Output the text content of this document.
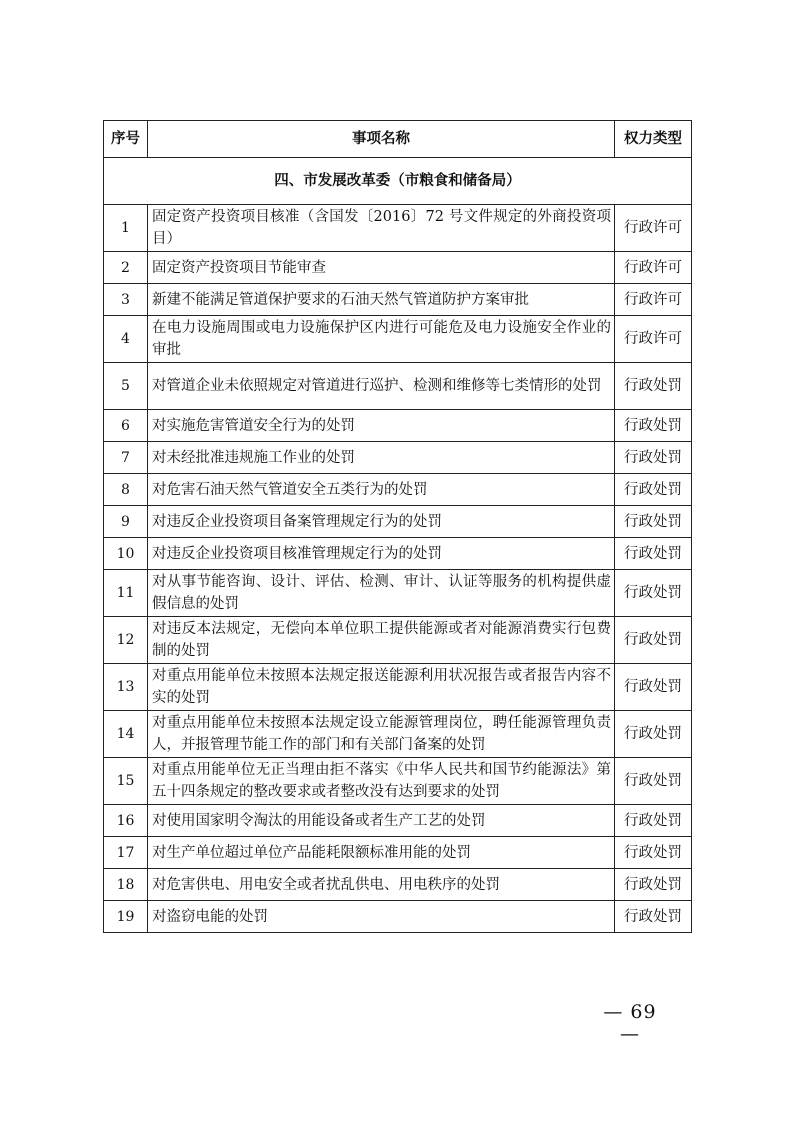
序号	事项名称	权力类型
四、市发展改革委（市粮食和储备局）		
1	固定资产投资项目核准（含国发〔2016〕72 号文件规定的外商投资项目）	行政许可
2	固定资产投资项目节能审查	行政许可
3	新建不能满足管道保护要求的石油天然气管道防护方案审批	行政许可
4	在电力设施周围或电力设施保护区内进行可能危及电力设施安全作业的审批	行政许可
5	对管道企业未依照规定对管道进行巡护、检测和维修等七类情形的处罚	行政处罚
6	对实施危害管道安全行为的处罚	行政处罚
7	对未经批准违规施工作业的处罚	行政处罚
8	对危害石油天然气管道安全五类行为的处罚	行政处罚
9	对违反企业投资项目备案管理规定行为的处罚	行政处罚
10	对违反企业投资项目核准管理规定行为的处罚	行政处罚
11	对从事节能咨询、设计、评估、检测、审计、认证等服务的机构提供虚假信息的处罚	行政处罚
12	对违反本法规定，无偿向本单位职工提供能源或者对能源消费实行包费制的处罚	行政处罚
13	对重点用能单位未按照本法规定报送能源利用状况报告或者报告内容不实的处罚	行政处罚
14	对重点用能单位未按照本法规定设立能源管理岗位，聘任能源管理负责人，并报管理节能工作的部门和有关部门备案的处罚	行政处罚
15	对重点用能单位无正当理由拒不落实《中华人民共和国节约能源法》第五十四条规定的整改要求或者整改没有达到要求的处罚	行政处罚
16	对使用国家明令淘汰的用能设备或者生产工艺的处罚	行政处罚
17	对生产单位超过单位产品能耗限额标准用能的处罚	行政处罚
18	对危害供电、用电安全或者扰乱供电、用电秩序的处罚	行政处罚
19	对盗窃电能的处罚	行政处罚
— 69 —
